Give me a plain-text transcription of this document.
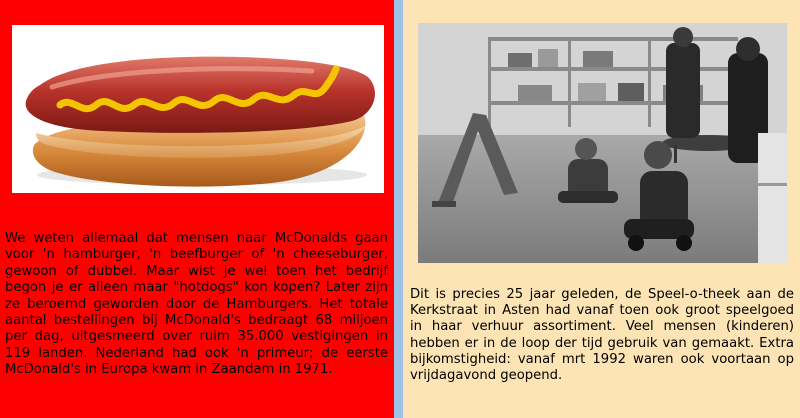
We weten allemaal dat mensen naar McDonalds gaan voor 'n hamburger, 'n beefburger of 'n cheeseburger, gewoon of dubbel. Maar wist je wel toen het bedrijf begon je er alleen maar "hotdogs" kon kopen? Later zijn ze beroemd geworden door de Hamburgers. Het totale aantal bestellingen bij McDonald's bedraagt 68 miljoen per dag, uitgesmeerd over ruim 35.000 vestigingen in 119 landen. Nederland had ook 'n primeur; de eerste McDonald's in Europa kwam in Zaandam in 1971.

Dit is precies 25 jaar geleden, de Speel-o-theek aan de Kerkstraat in Asten had vanaf toen ook groot speelgoed in haar verhuur assortiment. Veel mensen (kinderen) hebben er in de loop der tijd gebruik van gemaakt. Extra bijkomstigheid: vanaf mrt 1992 waren ook voortaan op vrijdagavond geopend.
